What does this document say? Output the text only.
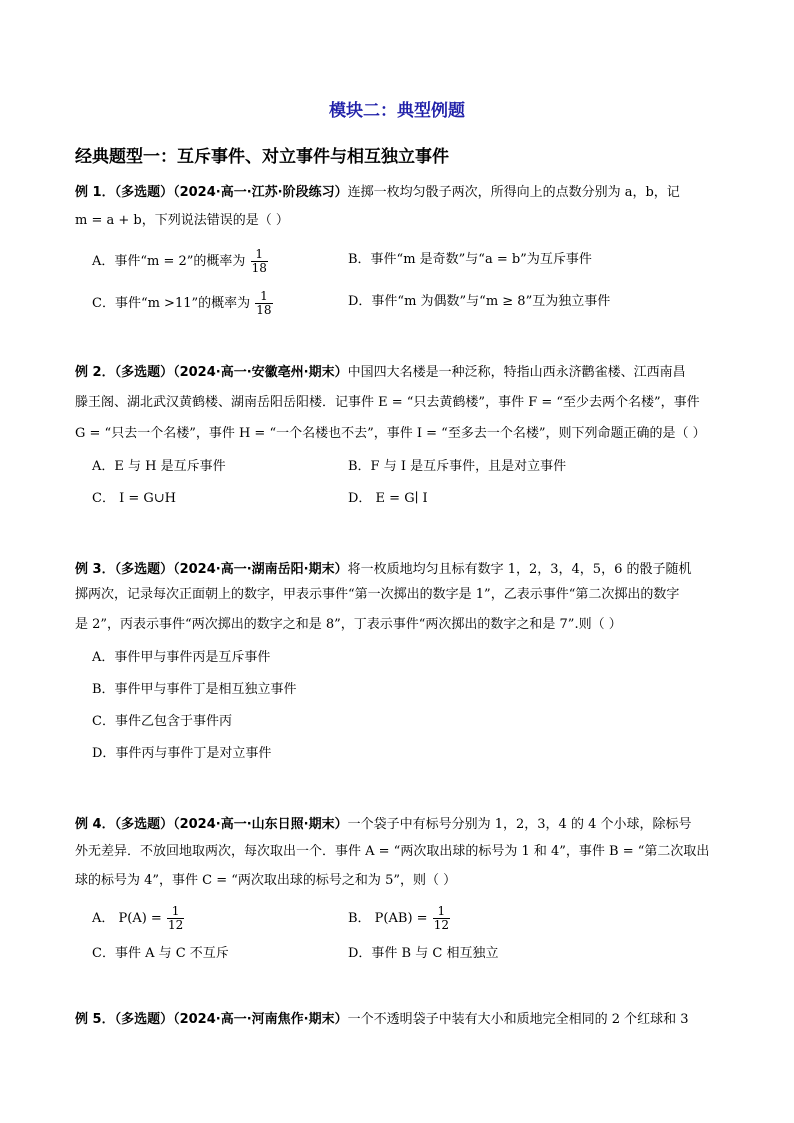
模块二：典型例题
经典题型一：互斥事件、对立事件与相互独立事件
例 1．（多选题）（2024·高一·江苏·阶段练习）连掷一枚均匀骰子两次，所得向上的点数分别为 a，b，记
m = a + b，下列说法错误的是（ ）
A．事件“m = 2”的概率为 $\frac{1}{18}$	B．事件“m 是奇数”与“a = b”为互斥事件
C．事件“m >11”的概率为 $\frac{1}{18}$	D．事件“m 为偶数”与“m ≥ 8”互为独立事件
例 2．（多选题）（2024·高一·安徽亳州·期末）中国四大名楼是一种泛称，特指山西永济鹳雀楼、江西南昌
滕王阁、湖北武汉黄鹤楼、湖南岳阳岳阳楼．记事件 E = “只去黄鹤楼”，事件 F = “至少去两个名楼”，事件
G = “只去一个名楼”，事件 H = “一个名楼也不去”，事件 I = “至多去一个名楼”，则下列命题正确的是（ ）
A．E 与 H 是互斥事件	B．F 与 I 是互斥事件，且是对立事件
C． I = G∪H	D． E = G∣ I
例 3．（多选题）（2024·高一·湖南岳阳·期末）将一枚质地均匀且标有数字 1，2，3，4，5，6 的骰子随机
掷两次，记录每次正面朝上的数字，甲表示事件“第一次掷出的数字是 1”，乙表示事件“第二次掷出的数字
是 2”，丙表示事件“两次掷出的数字之和是 8”，丁表示事件“两次掷出的数字之和是 7”.则（ ）
A．事件甲与事件丙是互斥事件
B．事件甲与事件丁是相互独立事件
C．事件乙包含于事件丙
D．事件丙与事件丁是对立事件
例 4．（多选题）（2024·高一·山东日照·期末）一个袋子中有标号分别为 1，2，3，4 的 4 个小球，除标号
外无差异．不放回地取两次，每次取出一个．事件 A = “两次取出球的标号为 1 和 4”，事件 B = “第二次取出
球的标号为 4”，事件 C = “两次取出球的标号之和为 5”，则（ ）
A． $P(A) = \frac{1}{12}$	B． $P(AB) = \frac{1}{12}$
C．事件 A 与 C 不互斥	D．事件 B 与 C 相互独立
例 5．（多选题）（2024·高一·河南焦作·期末）一个不透明袋子中装有大小和质地完全相同的 2 个红球和 3
